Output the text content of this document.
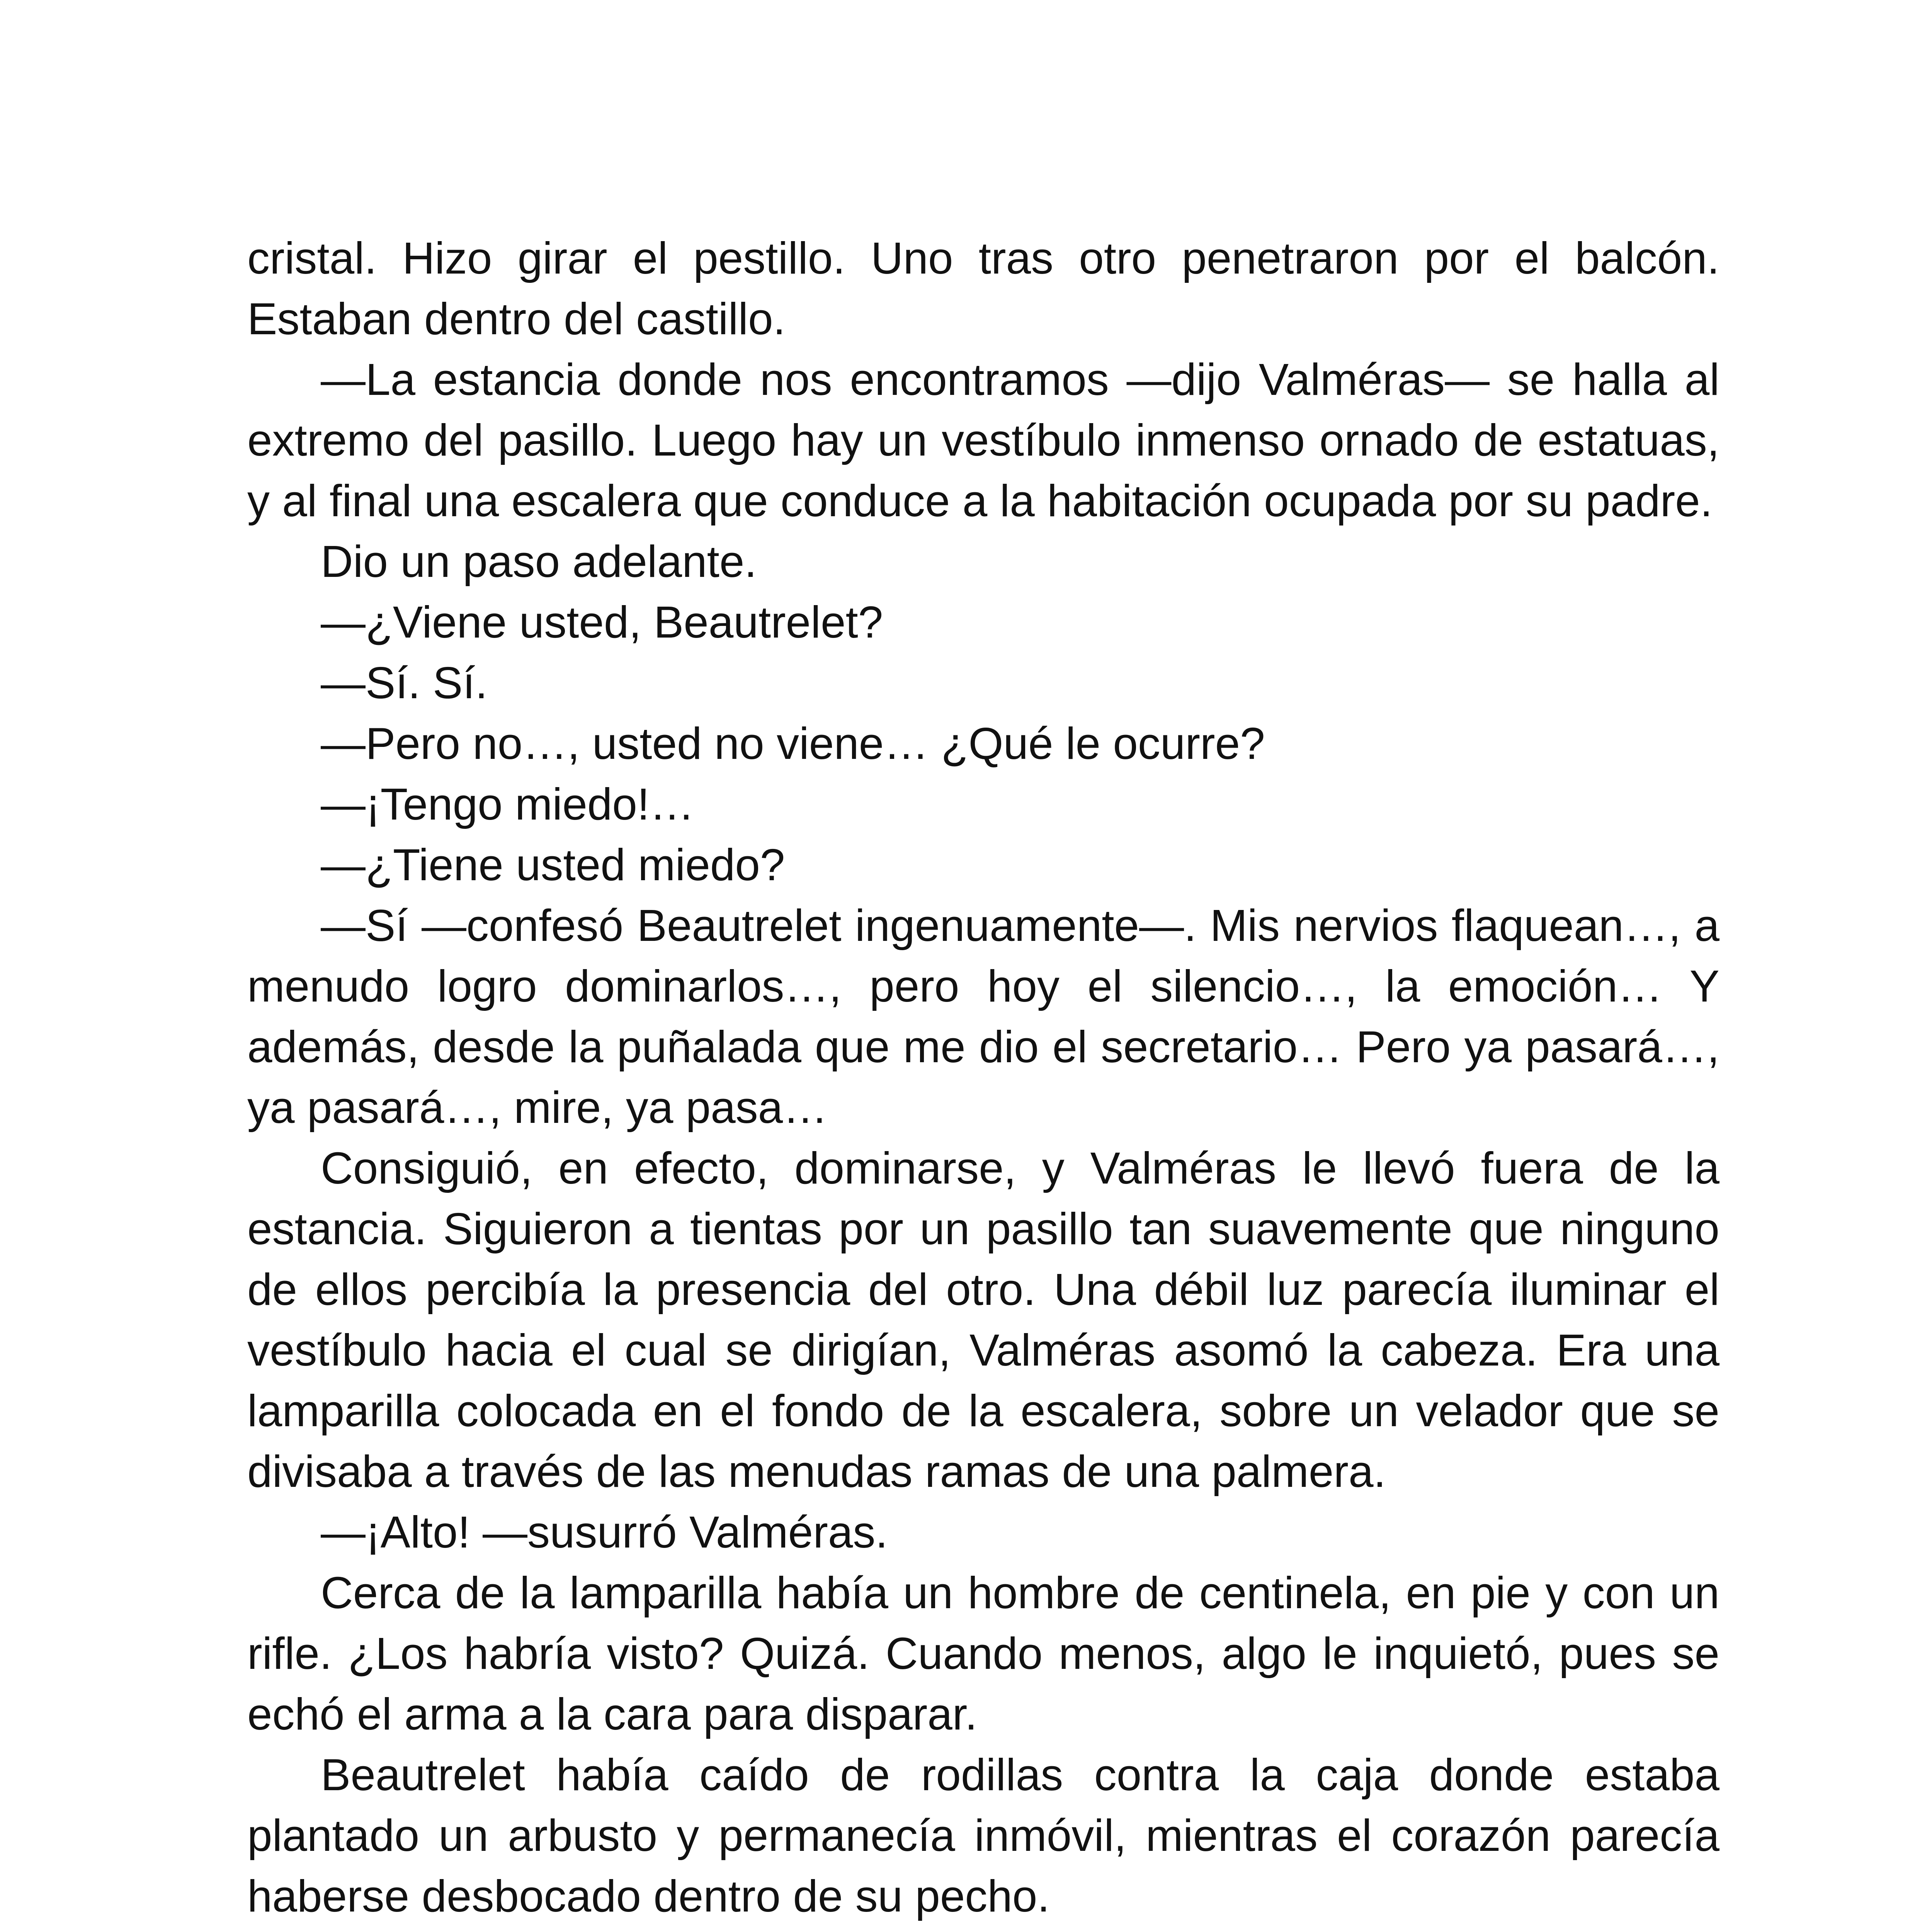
cristal. Hizo girar el pestillo. Uno tras otro penetraron por el balcón. Estaban dentro del castillo.

—La estancia donde nos encontramos —dijo Valméras— se halla al extremo del pasillo. Luego hay un vestíbulo inmenso ornado de estatuas, y al final una escalera que conduce a la habitación ocupada por su padre.

Dio un paso adelante.

—¿Viene usted, Beautrelet?

—Sí. Sí.

—Pero no…, usted no viene… ¿Qué le ocurre?

—¡Tengo miedo!…

—¿Tiene usted miedo?

—Sí —confesó Beautrelet ingenuamente—. Mis nervios flaquean…, a menudo logro dominarlos…, pero hoy el silencio…, la emoción… Y además, desde la puñalada que me dio el secretario… Pero ya pasará…, ya pasará…, mire, ya pasa…

Consiguió, en efecto, dominarse, y Valméras le llevó fuera de la estancia. Siguieron a tientas por un pasillo tan suavemente que ninguno de ellos percibía la presencia del otro. Una débil luz parecía iluminar el vestíbulo hacia el cual se dirigían, Valméras asomó la cabeza. Era una lamparilla colocada en el fondo de la escalera, sobre un velador que se divisaba a través de las menudas ramas de una palmera.

—¡Alto! —susurró Valméras.

Cerca de la lamparilla había un hombre de centinela, en pie y con un rifle. ¿Los habría visto? Quizá. Cuando menos, algo le inquietó, pues se echó el arma a la cara para disparar.

Beautrelet había caído de rodillas contra la caja donde estaba plantado un arbusto y permanecía inmóvil, mientras el corazón parecía haberse desbocado dentro de su pecho.
